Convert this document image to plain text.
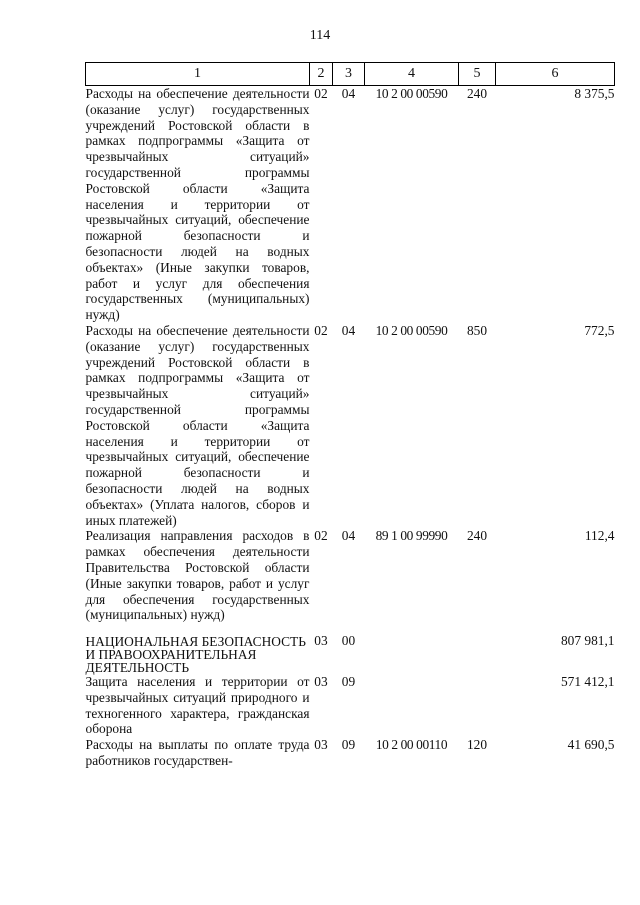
114
1	2	3	4	5	6
Расходы на обеспечение деятельности (оказание услуг) государственных учреждений Ростовской области в рамках подпрограммы «Защита от чрезвычайных ситуаций» государственной программы Ростовской области «Защита населения и территории от чрезвычайных ситуаций, обеспечение пожарной безопасности и безопасности людей на водных объектах» (Иные закупки товаров, работ и услуг для обеспечения государственных (муниципальных) нужд)	02	04	10 2 00 00590	240	8 375,5
Расходы на обеспечение деятельности (оказание услуг) государственных учреждений Ростовской области в рамках подпрограммы «Защита от чрезвычайных ситуаций» государственной программы Ростовской области «Защита населения и территории от чрезвычайных ситуаций, обеспечение пожарной безопасности и безопасности людей на водных объектах» (Уплата налогов, сборов и иных платежей)	02	04	10 2 00 00590	850	772,5
Реализация направления расходов в рамках обеспечения деятельности Правительства Ростовской области (Иные закупки товаров, работ и услуг для обеспечения государственных (муниципальных) нужд)	02	04	89 1 00 99990	240	112,4
НАЦИОНАЛЬНАЯ БЕЗОПАСНОСТЬ И ПРАВООХРАНИТЕЛЬНАЯ ДЕЯТЕЛЬНОСТЬ	03	00			807 981,1
Защита населения и территории от чрезвычайных ситуаций природного и техногенного характера, гражданская оборона	03	09			571 412,1
Расходы на выплаты по оплате труда работников государствен-	03	09	10 2 00 00110	120	41 690,5
